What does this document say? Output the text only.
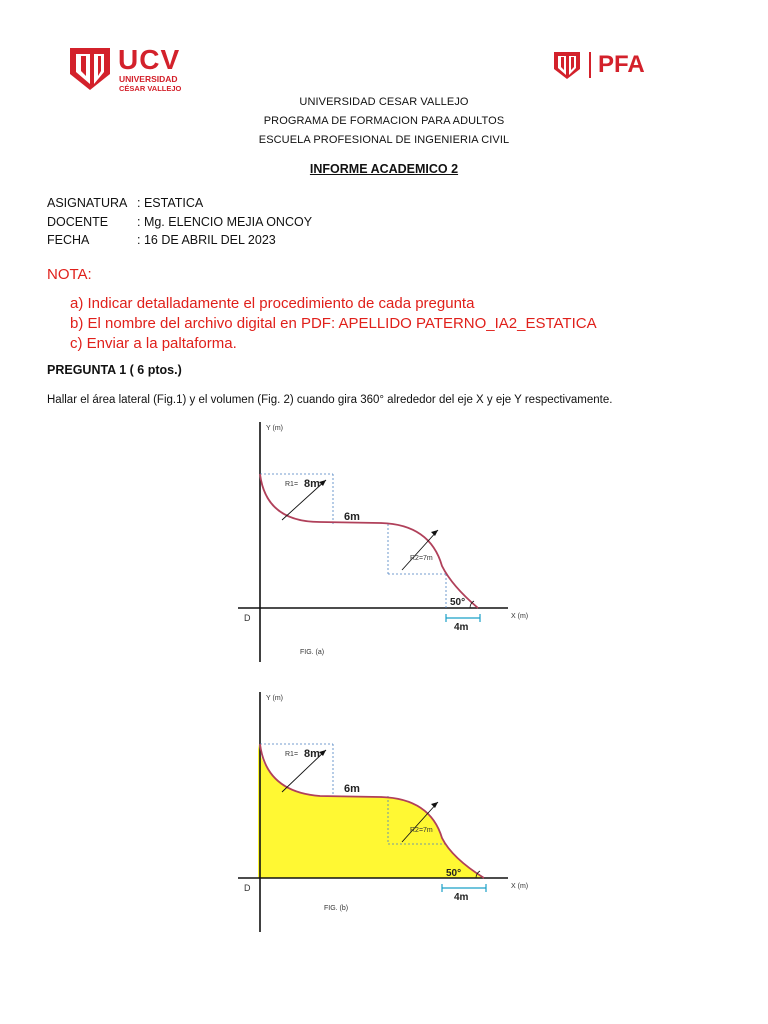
UCV
UNIVERSIDAD
CÉSAR VALLEJO
PFA
UNIVERSIDAD CESAR VALLEJO
PROGRAMA DE FORMACION PARA ADULTOS
ESCUELA PROFESIONAL DE INGENIERIA CIVIL
INFORME ACADEMICO 2
ASIGNATURA : ESTATICA
DOCENTE : Mg. ELENCIO MEJIA ONCOY
FECHA	: 16 DE ABRIL DEL 2023
NOTA:
a) Indicar detalladamente el procedimiento de cada pregunta
b) El nombre del archivo digital en PDF: APELLIDO PATERNO_IA2_ESTATICA
c) Enviar a la paltaforma.
PREGUNTA 1 ( 6 ptos.)
Hallar el área lateral (Fig.1) y el volumen (Fig. 2) cuando gira 360° alrededor del eje X y eje Y respectivamente.
Y (m)
X (m)
D
R1= 8m
R2=7m
6m
50°
4m
FIG. (a)
Y (m)
X (m)
D
R1= 8m
R2=7m
6m
50°
4m
FIG. (b)
